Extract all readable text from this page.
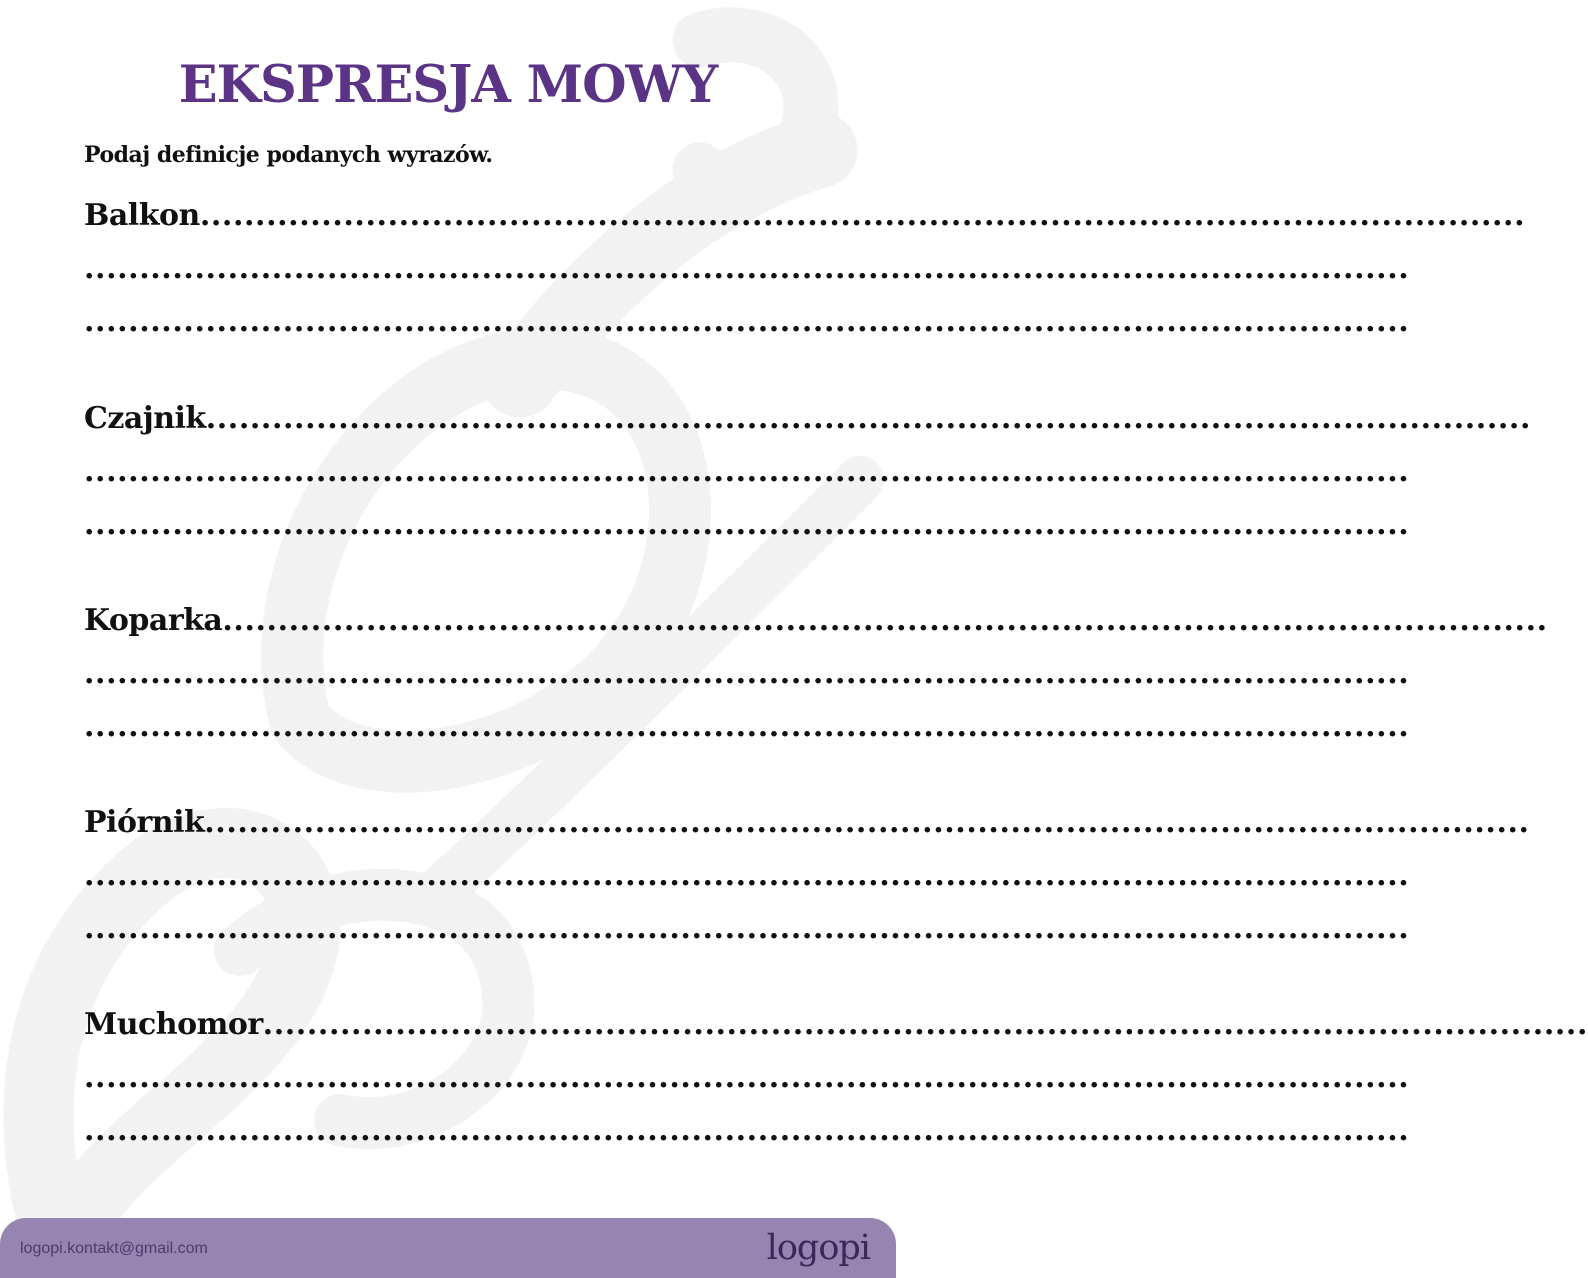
EKSPRESJA MOWY

Podaj definicje podanych wyrazów.

Balkon ........................................................................................................................
........................................................................................................................
........................................................................................................................
Czajnik ........................................................................................................................
........................................................................................................................
........................................................................................................................
Koparka ........................................................................................................................
........................................................................................................................
........................................................................................................................
Piórnik ........................................................................................................................
........................................................................................................................
........................................................................................................................
Muchomor ........................................................................................................................
........................................................................................................................
........................................................................................................................
logopi.kontakt@gmail.com	logopi
